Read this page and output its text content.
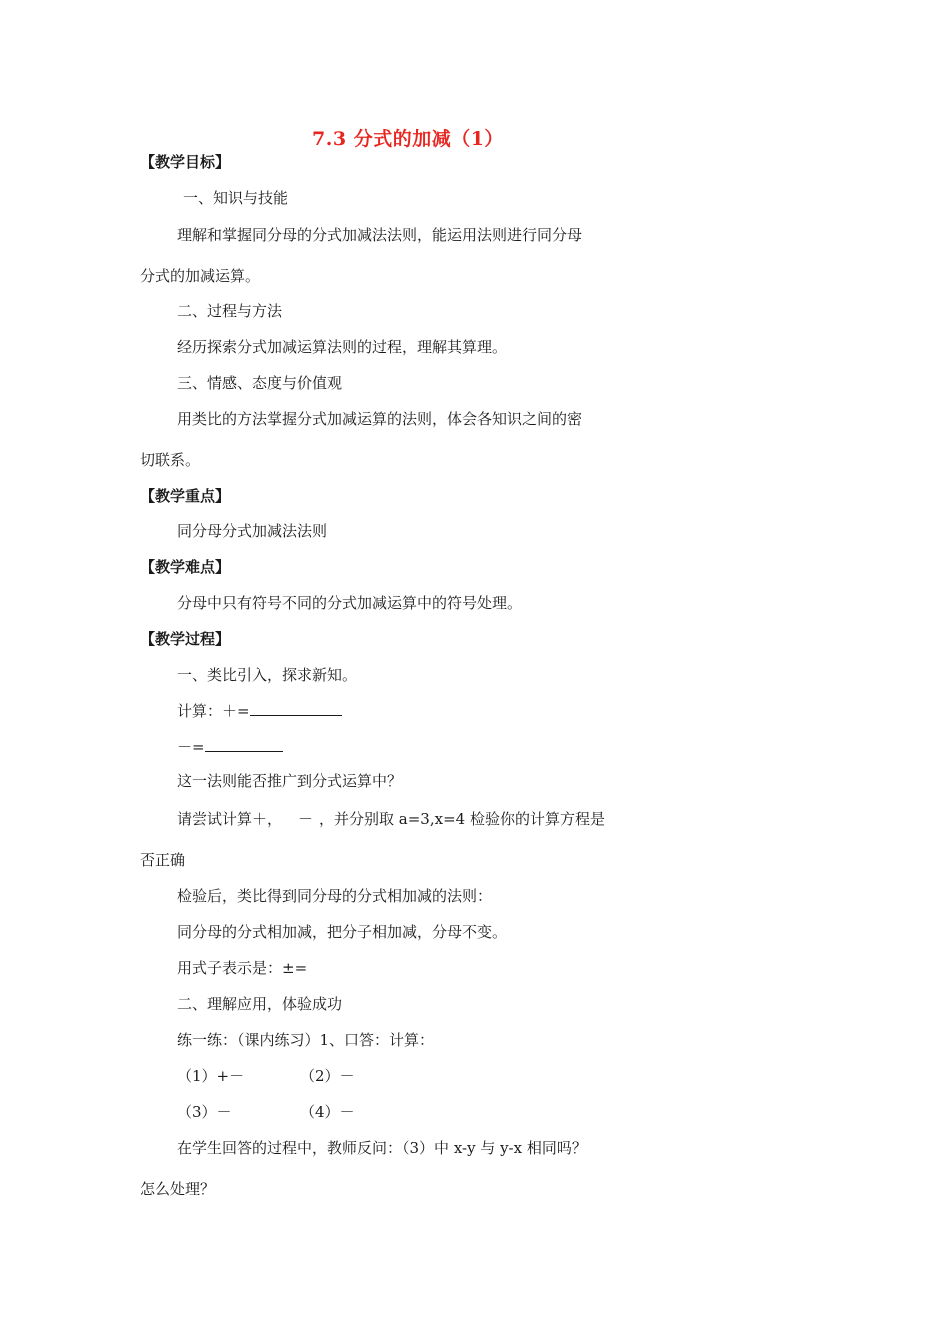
7.3 分式的加减（1）
【教学目标】
一、知识与技能
理解和掌握同分母的分式加减法法则，能运用法则进行同分母
分式的加减运算。
二、过程与方法
经历探索分式加减运算法则的过程，理解其算理。
三、情感、态度与价值观
用类比的方法掌握分式加减运算的法则，体会各知识之间的密
切联系。
【教学重点】
同分母分式加减法法则
【教学难点】
分母中只有符号不同的分式加减运算中的符号处理。
【教学过程】
一、类比引入，探求新知。
计算：＋=
－=
这一法则能否推广到分式运算中？
请尝试计算＋， － ，并分别取 a=3,x=4 检验你的计算方程是
否正确
检验后，类比得到同分母的分式相加减的法则：
同分母的分式相加减，把分子相加减，分母不变。
用式子表示是：±=
二、理解应用，体验成功
练一练：（课内练习）1、口答：计算：
（1）+－	（2）－
（3）－	（4）－
在学生回答的过程中，教师反问：（3）中 x-y 与 y-x 相同吗？
怎么处理？
